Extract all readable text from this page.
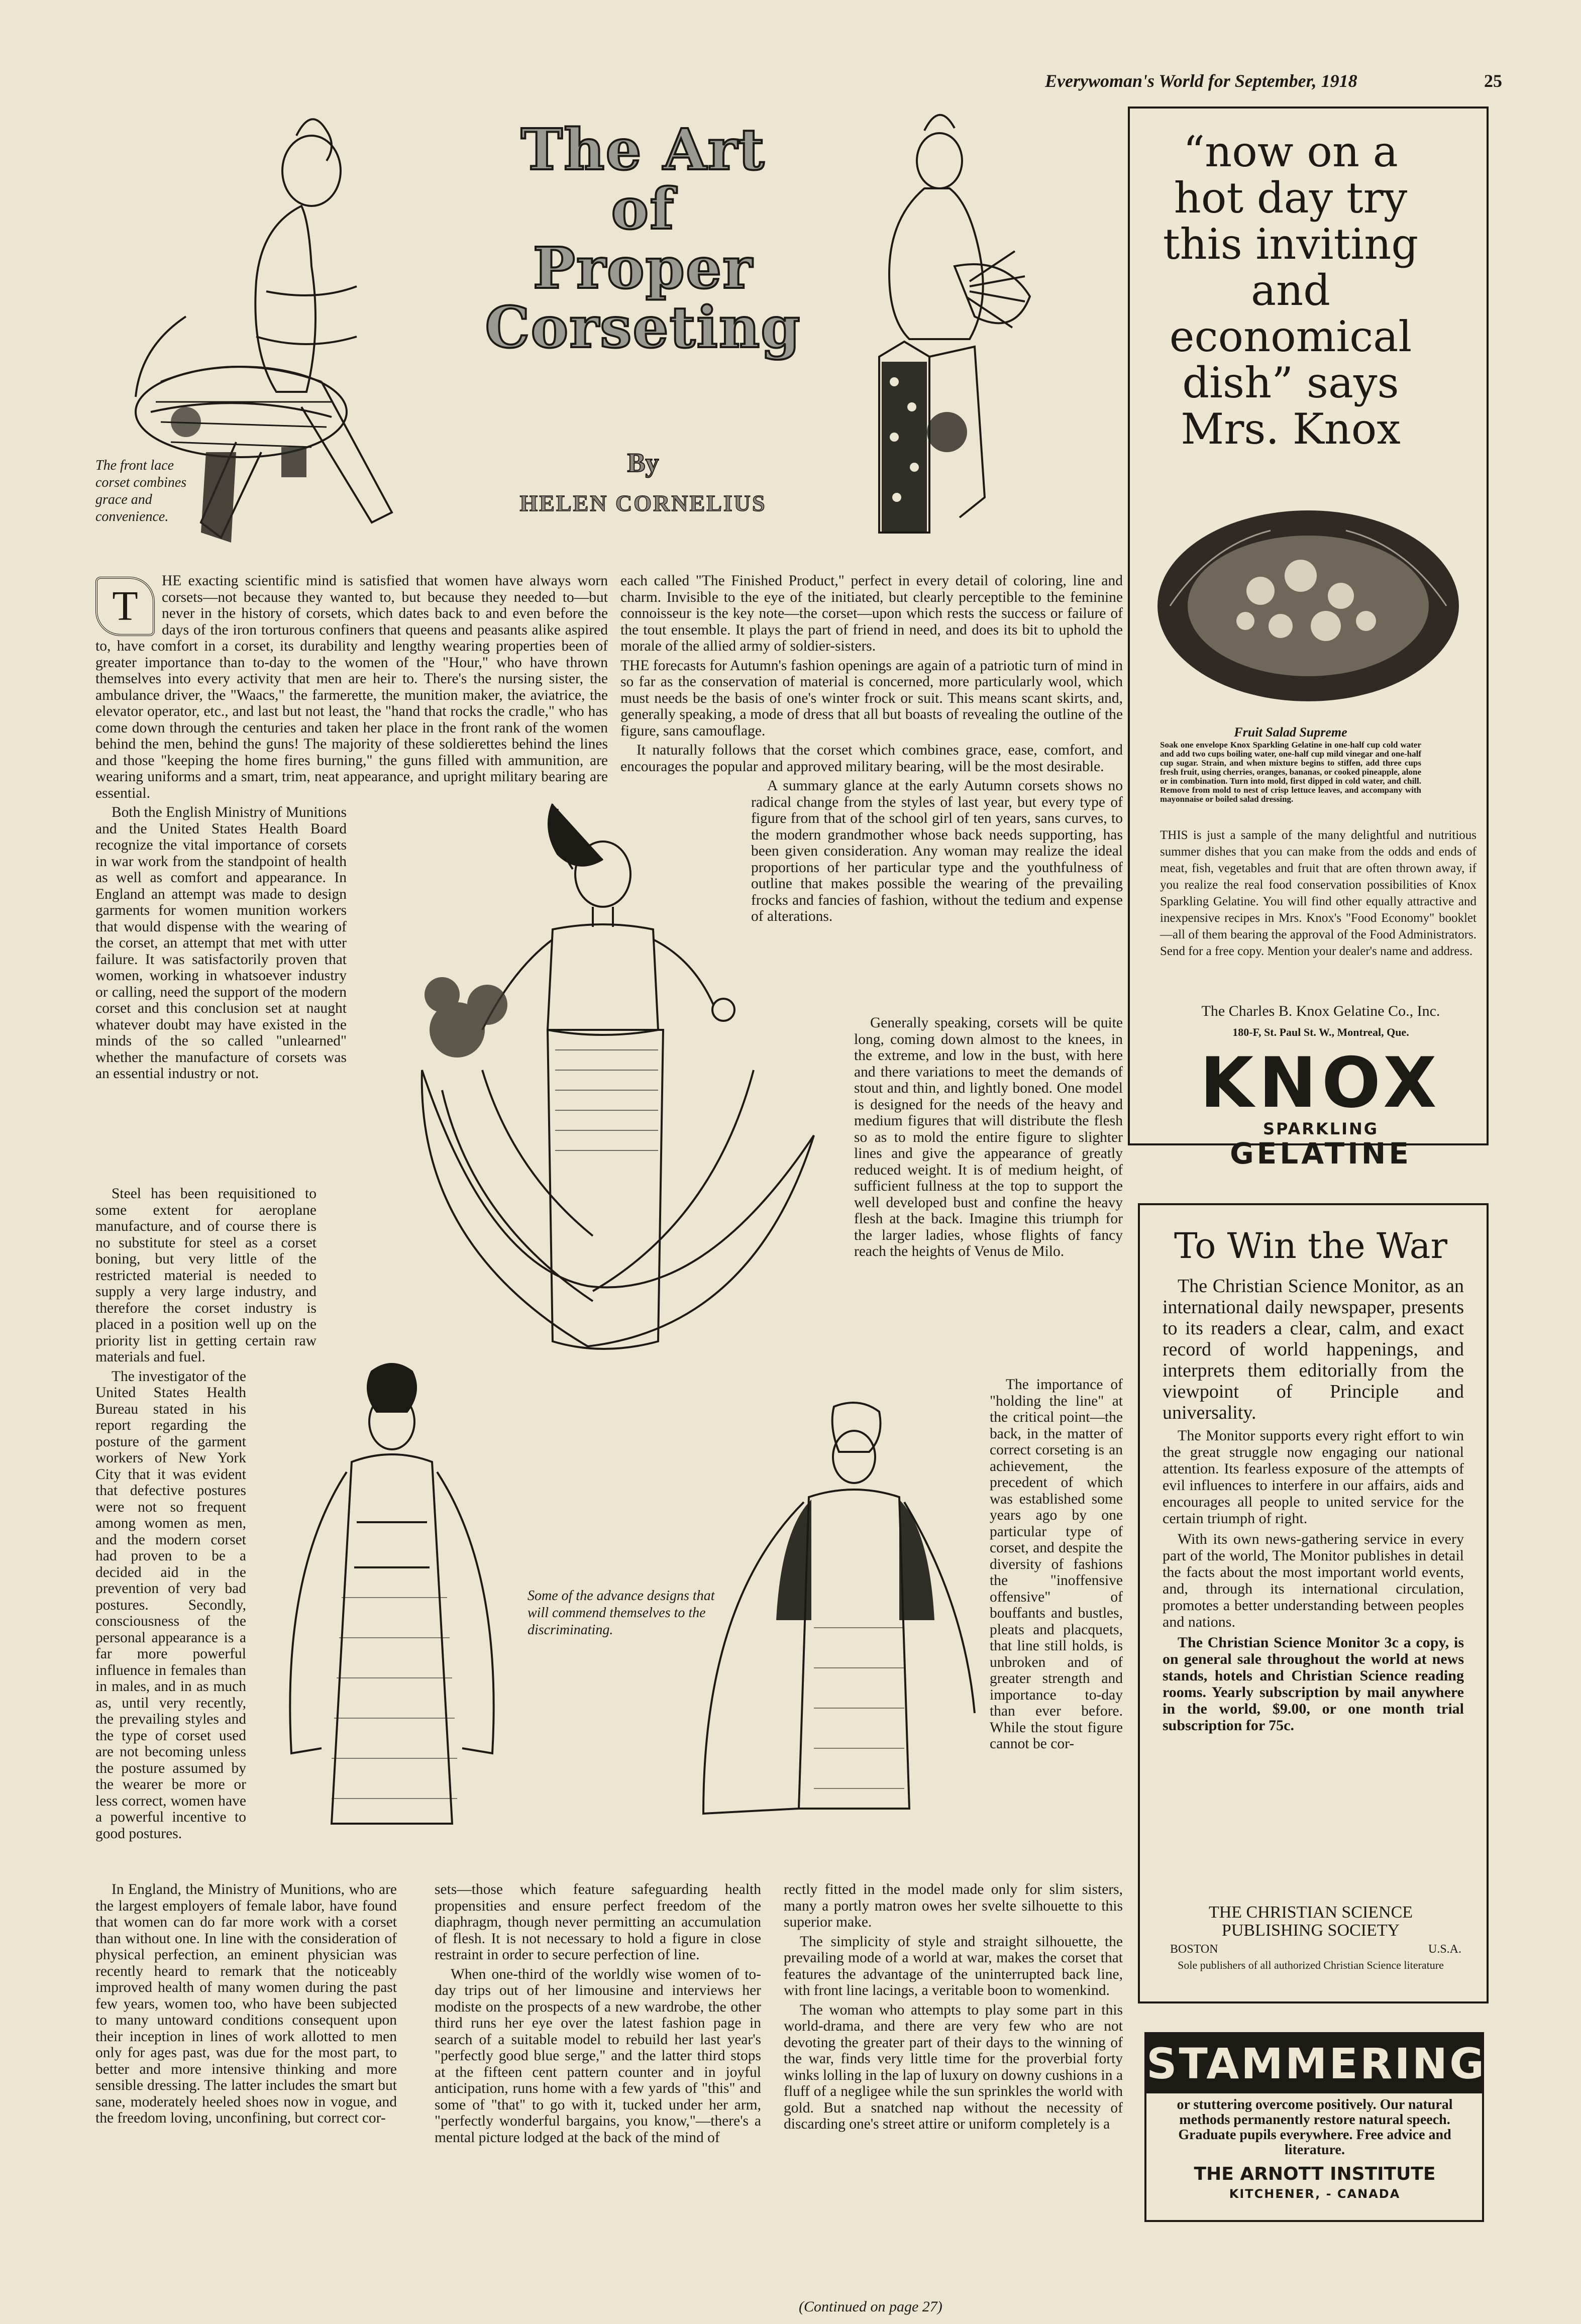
Everywoman's World for September, 1918	25
The Art
of
Proper
Corseting
By
HELEN CORNELIUS
The front lace corset combines grace and convenience.
T

HE exacting scientific mind is satisfied that women have always worn corsets—not because they wanted to, but because they needed to—but never in the history of corsets, which dates back to and even before the days of the iron torturous confiners that queens and peasants alike aspired to, have comfort in a corset, its durability and lengthy wearing properties been of greater importance than to-day to the women of the "Hour," who have thrown themselves into every activity that men are heir to. There's the nursing sister, the ambulance driver, the "Waacs," the farmerette, the munition maker, the aviatrice, the elevator operator, etc., and last but not least, the "hand that rocks the cradle," who has come down through the centuries and taken her place in the front rank of the women behind the men, behind the guns! The majority of these soldierettes behind the lines and those "keeping the home fires burning," the guns filled with ammunition, are wearing uniforms and a smart, trim, neat appearance, and upright military bearing are essential.

Both the English Ministry of Munitions and the United States Health Board recognize the vital importance of corsets in war work from the standpoint of health as well as comfort and appearance. In England an attempt was made to design garments for women munition workers that would dispense with the wearing of the corset, an attempt that met with utter failure. It was satisfactorily proven that women, working in whatsoever industry or calling, need the support of the modern corset and this conclusion set at naught whatever doubt may have existed in the minds of the so called "unlearned" whether the manufacture of corsets was an essential industry or not.

Steel has been requisitioned to some extent for aeroplane manufacture, and of course there is no substitute for steel as a corset boning, but very little of the restricted material is needed to supply a very large industry, and therefore the corset industry is placed in a position well up on the priority list in getting certain raw materials and fuel.

The investigator of the United States Health Bureau stated in his report regarding the posture of the garment workers of New York City that it was evident that defective postures were not so frequent among women as men, and the modern corset had proven to be a decided aid in the prevention of very bad postures. Secondly, consciousness of the personal appearance is a far more powerful influence in females than in males, and in as much as, until very recently, the prevailing styles and the type of corset used are not becoming unless the posture assumed by the wearer be more or less correct, women have a powerful incentive to good postures.

In England, the Ministry of Munitions, who are the largest employers of female labor, have found that women can do far more work with a corset than without one. In line with the consideration of physical perfection, an eminent physician was recently heard to remark that the noticeably improved health of many women during the past few years, women too, who have been subjected to many untoward conditions consequent upon their inception in lines of work allotted to men only for ages past, was due for the most part, to better and more intensive thinking and more sensible dressing. The latter includes the smart but sane, moderately heeled shoes now in vogue, and the freedom loving, unconfining, but correct cor-

each called "The Finished Product," perfect in every detail of coloring, line and charm. Invisible to the eye of the initiated, but clearly perceptible to the feminine connoisseur is the key note—the corset—upon which rests the success or failure of the tout ensemble. It plays the part of friend in need, and does its bit to uphold the morale of the allied army of soldier-sisters.

THE forecasts for Autumn's fashion openings are again of a patriotic turn of mind in so far as the conservation of material is concerned, more particularly wool, which must needs be the basis of one's winter frock or suit. This means scant skirts, and, generally speaking, a mode of dress that all but boasts of revealing the outline of the figure, sans camouflage.

It naturally follows that the corset which combines grace, ease, comfort, and encourages the popular and approved military bearing, will be the most desirable.

A summary glance at the early Autumn corsets shows no radical change from the styles of last year, but every type of figure from that of the school girl of ten years, sans curves, to the modern grandmother whose back needs supporting, has been given consideration. Any woman may realize the ideal proportions of her particular type and the youthfulness of outline that makes possible the wearing of the prevailing frocks and fancies of fashion, without the tedium and expense of alterations.

Generally speaking, corsets will be quite long, coming down almost to the knees, in the extreme, and low in the bust, with here and there variations to meet the demands of stout and thin, and lightly boned. One model is designed for the needs of the heavy and medium figures that will distribute the flesh so as to mold the entire figure to slighter lines and give the appearance of greatly reduced weight. It is of medium height, of sufficient fullness at the top to support the well developed bust and confine the heavy flesh at the back. Imagine this triumph for the larger ladies, whose flights of fancy reach the heights of Venus de Milo.

The importance of "holding the line" at the critical point—the back, in the matter of correct corseting is an achievement, the precedent of which was established some years ago by one particular type of corset, and despite the diversity of fashions the "inoffensive offensive" of bouffants and bustles, pleats and placquets, that line still holds, is unbroken and of greater strength and importance to-day than ever before. While the stout figure cannot be cor-

sets—those which feature safeguarding health propensities and ensure perfect freedom of the diaphragm, though never permitting an accumulation of flesh. It is not necessary to hold a figure in close restraint in order to secure perfection of line.

When one-third of the worldly wise women of to-day trips out of her limousine and interviews her modiste on the prospects of a new wardrobe, the other third runs her eye over the latest fashion page in search of a suitable model to rebuild her last year's "perfectly good blue serge," and the latter third stops at the fifteen cent pattern counter and in joyful anticipation, runs home with a few yards of "this" and some of "that" to go with it, tucked under her arm, "perfectly wonderful bargains, you know,"—there's a mental picture lodged at the back of the mind of

rectly fitted in the model made only for slim sisters, many a portly matron owes her svelte silhouette to this superior make.

The simplicity of style and straight silhouette, the prevailing mode of a world at war, makes the corset that features the advantage of the uninterrupted back line, with front line lacings, a veritable boon to womenkind.

The woman who attempts to play some part in this world-drama, and there are very few who are not devoting the greater part of their days to the winning of the war, finds very little time for the proverbial forty winks lolling in the lap of luxury on downy cushions in a fluff of a negligee while the sun sprinkles the world with gold. But a snatched nap without the necessity of discarding one's street attire or uniform completely is a

(Continued on page 27)
Some of the advance designs that will commend themselves to the discriminating.
“now on a hot day try this inviting and economical dish” says Mrs. Knox
Fruit Salad Supreme
Soak one envelope Knox Sparkling Gelatine in one-half cup cold water and add two cups boiling water, one-half cup mild vinegar and one-half cup sugar. Strain, and when mixture begins to stiffen, add three cups fresh fruit, using cherries, oranges, bananas, or cooked pineapple, alone or in combination. Turn into mold, first dipped in cold water, and chill. Remove from mold to nest of crisp lettuce leaves, and accompany with mayonnaise or boiled salad dressing.
THIS is just a sample of the many delightful and nutritious summer dishes that you can make from the odds and ends of meat, fish, vegetables and fruit that are often thrown away, if you realize the real food conservation possibilities of Knox Sparkling Gelatine. You will find other equally attractive and inexpensive recipes in Mrs. Knox's "Food Economy" booklet—all of them bearing the approval of the Food Administrators. Send for a free copy. Mention your dealer's name and address.
The Charles B. Knox Gelatine Co., Inc.
180-F, St. Paul St. W., Montreal, Que.
KNOX
SPARKLING
GELATINE
To Win the War

The Christian Science Monitor, as an international daily newspaper, presents to its readers a clear, calm, and exact record of world happenings, and interprets them editorially from the viewpoint of Principle and universality.

The Monitor supports every right effort to win the great struggle now engaging our national attention. Its fearless exposure of the attempts of evil influences to interfere in our affairs, aids and encourages all people to united service for the certain triumph of right.

With its own news-gathering service in every part of the world, The Monitor publishes in detail the facts about the most important world events, and, through its international circulation, promotes a better understanding between peoples and nations.

The Christian Science Monitor 3c a copy, is on general sale throughout the world at news stands, hotels and Christian Science reading rooms. Yearly subscription by mail anywhere in the world, $9.00, or one month trial subscription for 75c.

THE CHRISTIAN SCIENCE PUBLISHING SOCIETY
BOSTON	U.S.A.
Sole publishers of all authorized Christian Science literature
STAMMERING
or stuttering overcome positively. Our natural methods permanently restore natural speech. Graduate pupils everywhere. Free advice and literature.
THE ARNOTT INSTITUTE
KITCHENER, - CANADA
